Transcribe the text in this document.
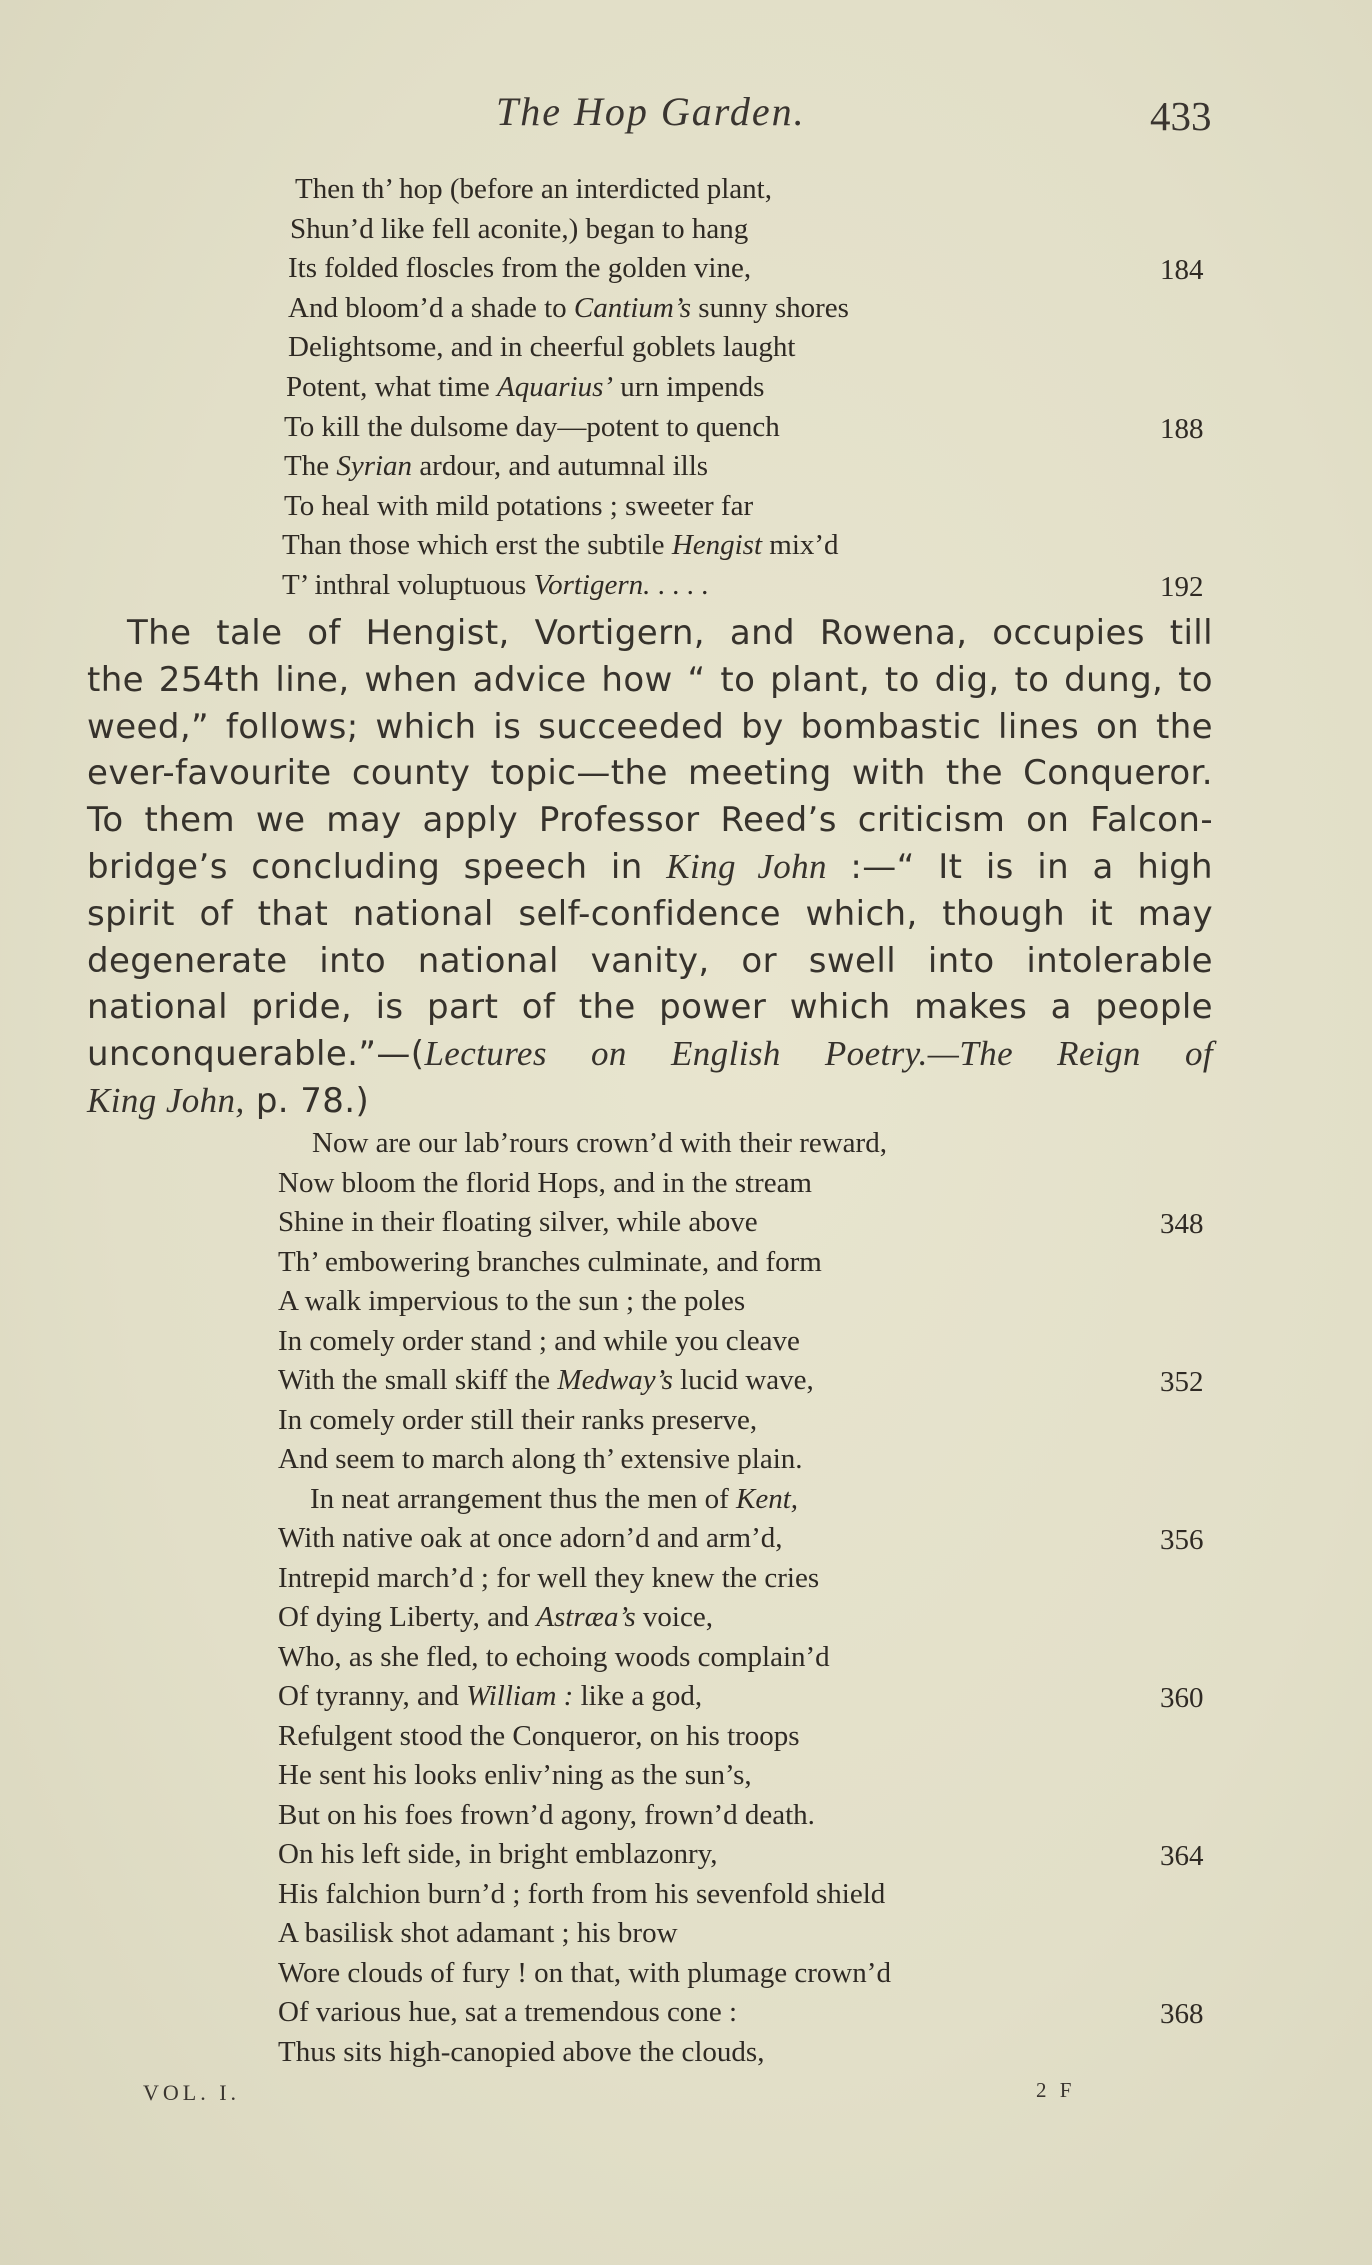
The Hop Garden.	433
Then th’ hop (before an interdicted plant,
Shun’d like fell aconite,) began to hang
Its folded floscles from the golden vine,	184
And bloom’d a shade to Cantium’s sunny shores
Delightsome, and in cheerful goblets laught
Potent, what time Aquarius’ urn impends
To kill the dulsome day—potent to quench	188
The Syrian ardour, and autumnal ills
To heal with mild potations ; sweeter far
Than those which erst the subtile Hengist mix’d
T’ inthral voluptuous Vortigern. . . . .	192
The tale of Hengist, Vortigern, and Rowena, occupies till
the 254th line, when advice how “ to plant, to dig, to dung, to
weed,” follows; which is succeeded by bombastic lines on the
ever-favourite county topic—the meeting with the Conqueror.
To them we may apply Professor Reed’s criticism on Falcon-
bridge’s concluding speech in King John :—“ It is in a high
spirit of that national self-confidence which, though it may
degenerate into national vanity, or swell into intolerable
national pride, is part of the power which makes a people
unconquerable.”—(Lectures on English Poetry.—The Reign of
King John, p. 78.)
Now are our lab’rours crown’d with their reward,
Now bloom the florid Hops, and in the stream
Shine in their floating silver, while above	348
Th’ embowering branches culminate, and form
A walk impervious to the sun ; the poles
In comely order stand ; and while you cleave
With the small skiff the Medway’s lucid wave,	352
In comely order still their ranks preserve,
And seem to march along th’ extensive plain.
In neat arrangement thus the men of Kent,
With native oak at once adorn’d and arm’d,	356
Intrepid march’d ; for well they knew the cries
Of dying Liberty, and Astræa’s voice,
Who, as she fled, to echoing woods complain’d
Of tyranny, and William : like a god,	360
Refulgent stood the Conqueror, on his troops
He sent his looks enliv’ning as the sun’s,
But on his foes frown’d agony, frown’d death.
On his left side, in bright emblazonry,	364
His falchion burn’d ; forth from his sevenfold shield
A basilisk shot adamant ; his brow
Wore clouds of fury ! on that, with plumage crown’d
Of various hue, sat a tremendous cone :	368
Thus sits high-canopied above the clouds,
VOL. I.	2 F
